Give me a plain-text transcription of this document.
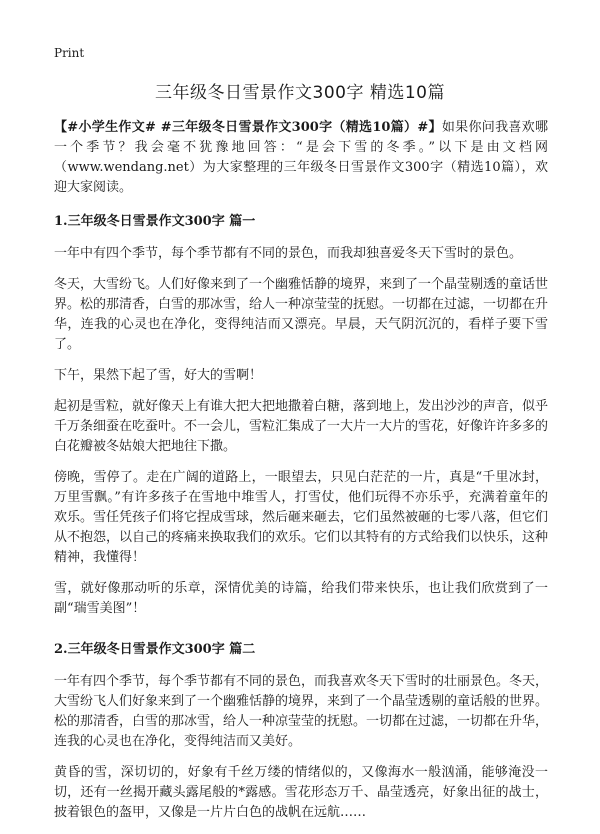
Print
三年级冬日雪景作文300字 精选10篇

【#小学生作文# #三年级冬日雪景作文300字（精选10篇）#】如果你问我喜欢哪一个季节？我会毫不犹豫地回答：“是会下雪的冬季。”以下是由文档网（www.wendang.net）为大家整理的三年级冬日雪景作文300字（精选10篇），欢迎大家阅读。

1.三年级冬日雪景作文300字 篇一

一年中有四个季节，每个季节都有不同的景色，而我却独喜爱冬天下雪时的景色。

冬天，大雪纷飞。人们好像来到了一个幽雅恬静的境界，来到了一个晶莹剔透的童话世界。松的那清香，白雪的那冰雪，给人一种凉莹莹的抚慰。一切都在过滤，一切都在升华，连我的心灵也在净化，变得纯洁而又漂亮。早晨，天气阴沉沉的，看样子要下雪了。

下午，果然下起了雪，好大的雪啊！

起初是雪粒，就好像天上有谁大把大把地撒着白糖，落到地上，发出沙沙的声音，似乎千万条细蚕在吃蚕叶。不一会儿，雪粒汇集成了一大片一大片的雪花，好像许许多多的白花瓣被冬姑娘大把地往下撒。

傍晚，雪停了。走在广阔的道路上，一眼望去，只见白茫茫的一片，真是“千里冰封，万里雪飘。”有许多孩子在雪地中堆雪人，打雪仗，他们玩得不亦乐乎，充满着童年的欢乐。雪任凭孩子们将它捏成雪球，然后砸来砸去，它们虽然被砸的七零八落，但它们从不抱怨，以自己的疼痛来换取我们的欢乐。它们以其特有的方式给我们以快乐，这种精神，我懂得！

雪，就好像那动听的乐章，深情优美的诗篇，给我们带来快乐，也让我们欣赏到了一副“瑞雪美图”！

2.三年级冬日雪景作文300字 篇二

一年有四个季节，每个季节都有不同的景色，而我喜欢冬天下雪时的壮丽景色。冬天，大雪纷飞人们好象来到了一个幽雅恬静的境界，来到了一个晶莹透剔的童话般的世界。松的那清香，白雪的那冰雪，给人一种凉莹莹的抚慰。一切都在过滤，一切都在升华，连我的心灵也在净化，变得纯洁而又美好。

黄昏的雪，深切切的，好象有千丝万缕的情绪似的，又像海水一般汹涌，能够淹没一切，还有一丝揭开藏头露尾般的*露感。雪花形态万千、晶莹透亮，好象出征的战士，披着银色的盔甲，又像是一片片白色的战帆在远航……
